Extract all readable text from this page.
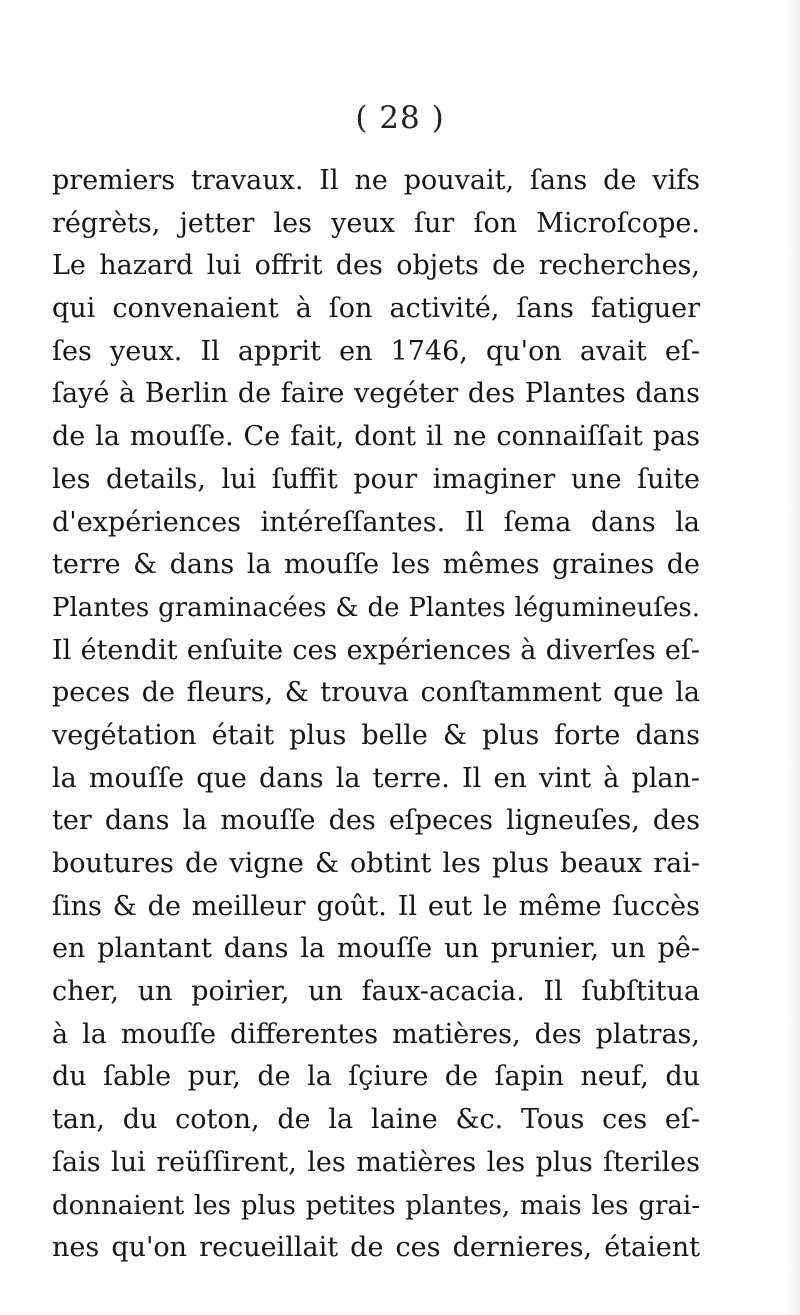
( 28 )
premiers travaux. Il ne pouvait, ſans de vifs
régrèts, jetter les yeux ſur ſon Microſcope.
Le hazard lui offrit des objets de recherches,
qui convenaient à ſon activité, ſans fatiguer
ſes yeux. Il apprit en 1746, qu'on avait eſ-
ſayé à Berlin de faire vegéter des Plantes dans
de la mouſſe. Ce fait, dont il ne connaiſſait pas
les details, lui ſuffit pour imaginer une ſuite
d'expériences intéreſſantes. Il ſema dans la
terre & dans la mouſſe les mêmes graines de
Plantes graminacées & de Plantes légumineuſes.
Il étendit enſuite ces expériences à diverſes eſ-
peces de fleurs, & trouva conſtamment que la
vegétation était plus belle & plus forte dans
la mouſſe que dans la terre. Il en vint à plan-
ter dans la mouſſe des eſpeces ligneuſes, des
boutures de vigne & obtint les plus beaux rai-
ſins & de meilleur goût. Il eut le même ſuccès
en plantant dans la mouſſe un prunier, un pê-
cher, un poirier, un faux-acacia. Il ſubſtitua
à la mouſſe differentes matières, des platras,
du ſable pur, de la ſçiure de ſapin neuf, du
tan, du coton, de la laine &c. Tous ces eſ-
ſais lui reüſſirent, les matières les plus ſteriles
donnaient les plus petites plantes, mais les grai-
nes qu'on recueillait de ces dernieres, étaient
